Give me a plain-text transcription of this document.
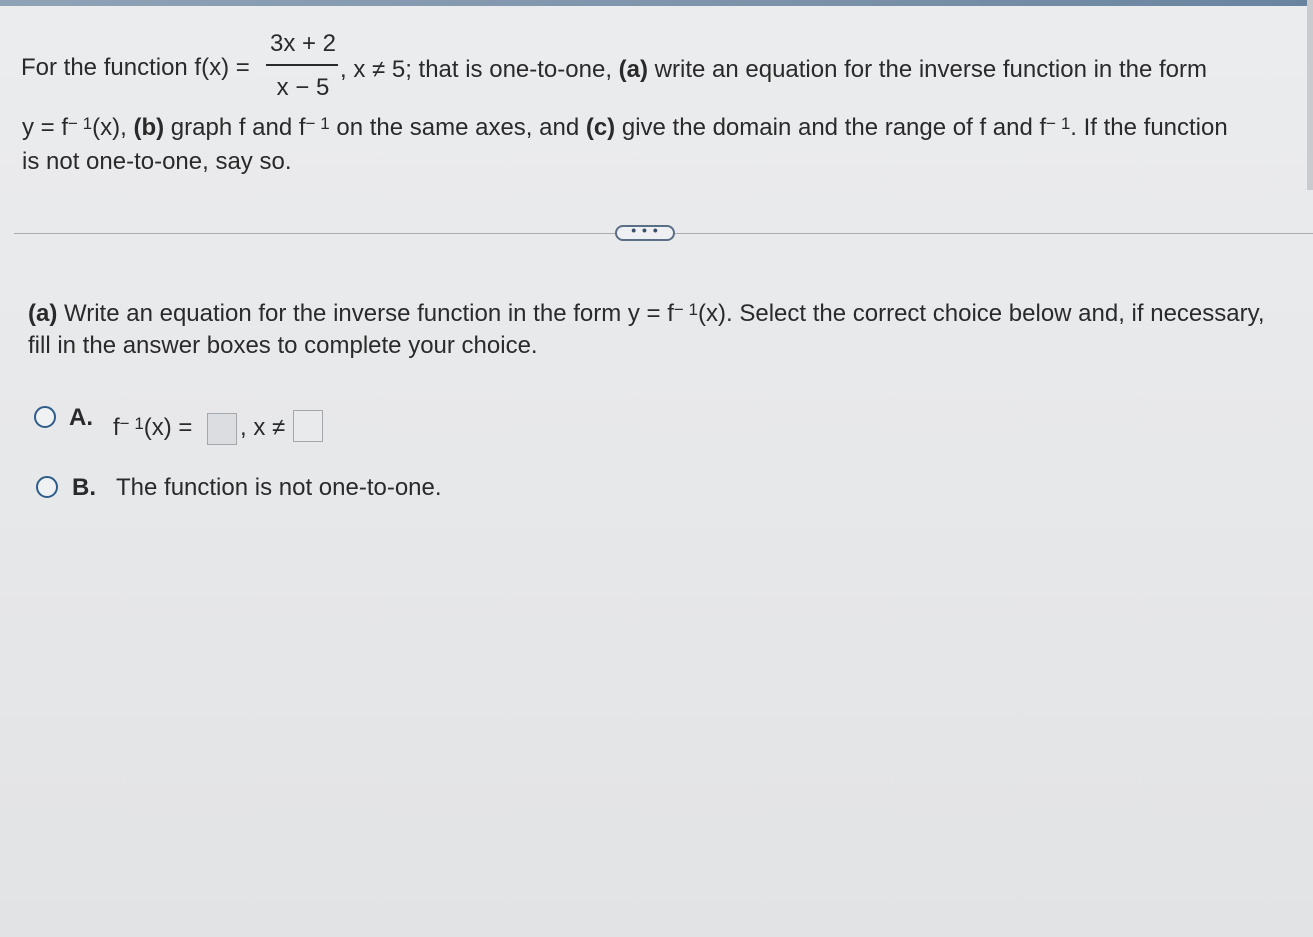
For the function f(x) =
3x + 2
x − 5
, x ≠ 5; that is one-to-one, (a) write an equation for the inverse function in the form
$y = f^{- 1}(x)$, (b) graph f and $f^{- 1}$ on the same axes, and (c) give the domain and the range of f and $f^{- 1}$. If the function
is not one-to-one, say so.
• • •
(a) Write an equation for the inverse function in the form $y = f^{- 1}(x)$. Select the correct choice below and, if necessary,
fill in the answer boxes to complete your choice.
A. $f^{- 1}(x)$ = , x ≠
B. The function is not one-to-one.
